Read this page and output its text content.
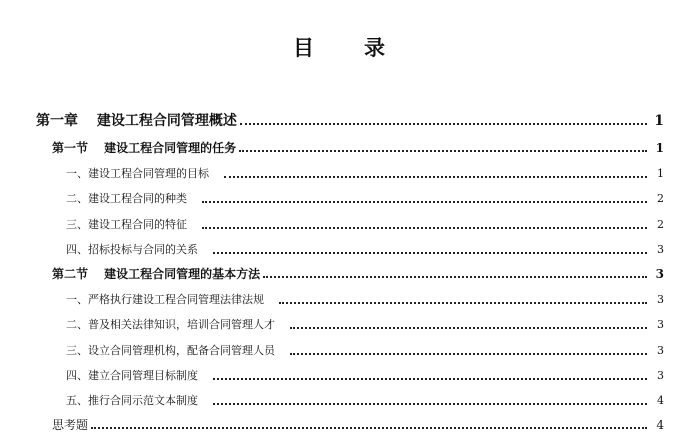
目 录
第一章　 建设工程合同管理概述	1
第一节　 建设工程合同管理的任务	1
一、建设工程合同管理的目标	1
二、建设工程合同的种类	2
三、建设工程合同的特征	2
四、招标投标与合同的关系	3
第二节　 建设工程合同管理的基本方法	3
一、严格执行建设工程合同管理法律法规	3
二、普及相关法律知识，培训合同管理人才	3
三、设立合同管理机构，配备合同管理人员	3
四、建立合同管理目标制度	3
五、推行合同示范文本制度	4
思考题	4
